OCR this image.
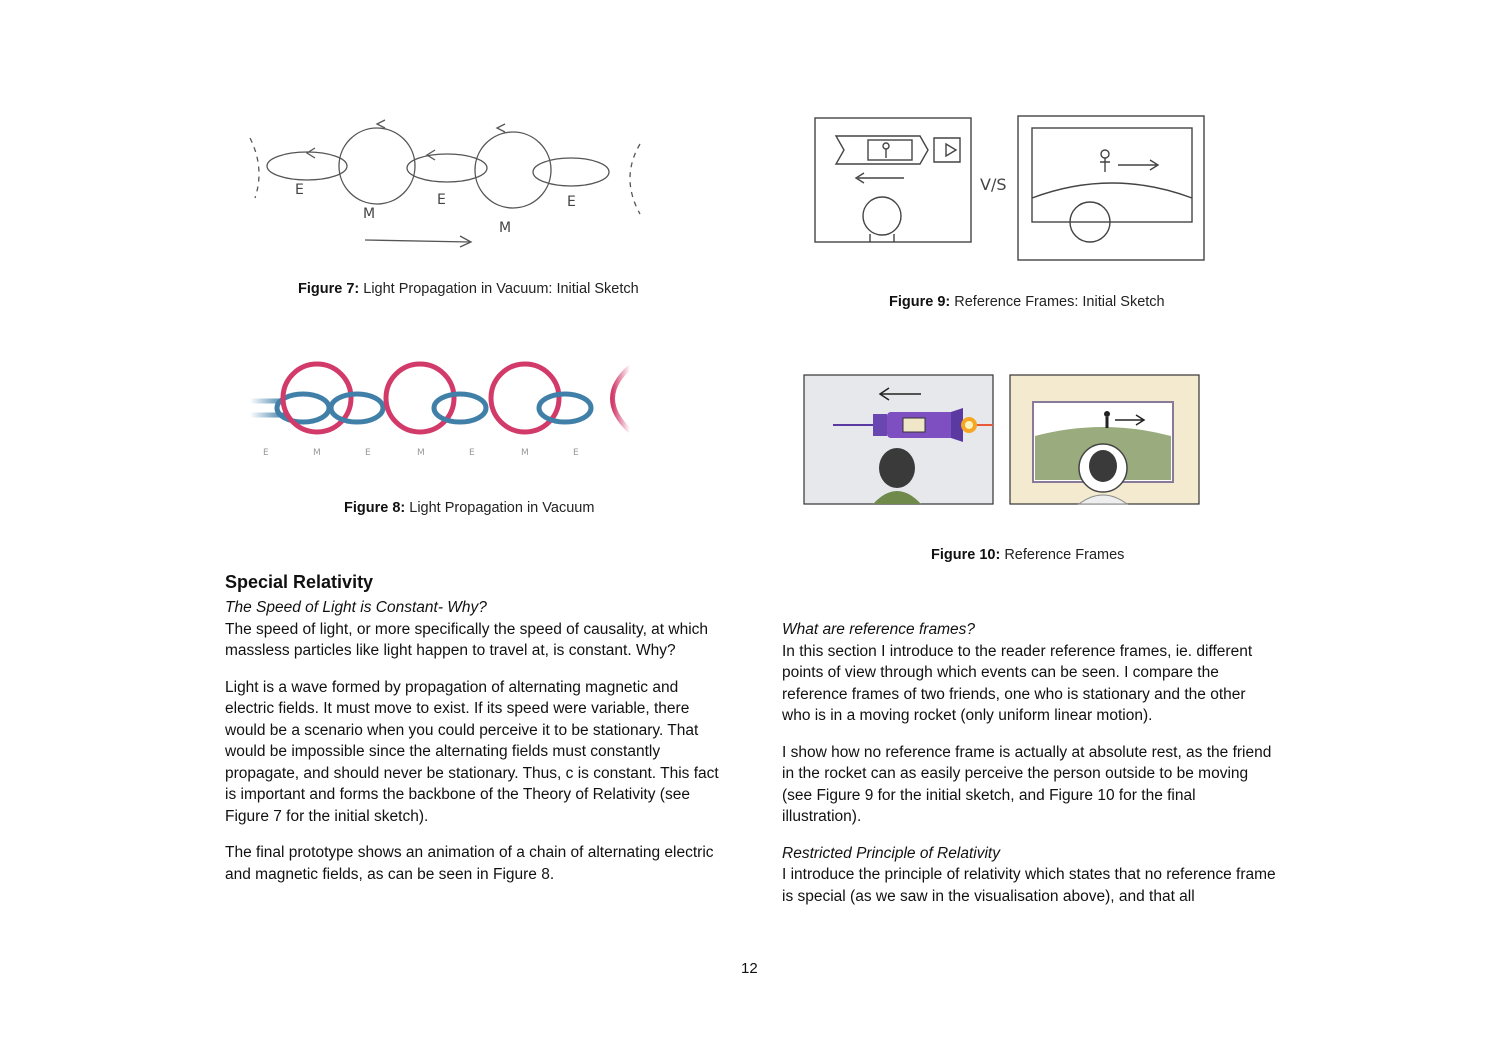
E
M
E
M
E
Figure 7: Light Propagation in Vacuum: Initial Sketch
E	M	E	M	E	M	E
Figure 8: Light Propagation in Vacuum
V/S
Figure 9: Reference Frames: Initial Sketch
Figure 10: Reference Frames
Special Relativity

The Speed of Light is Constant- Why?

The speed of light, or more specifically the speed of causality, at which massless particles like light happen to travel at, is constant. Why?

Light is a wave formed by propagation of alternating magnetic and electric fields. It must move to exist. If its speed were variable, there would be a scenario when you could perceive it to be stationary. That would be impossible since the alternating fields must constantly propagate, and should never be stationary. Thus, c is constant. This fact is important and forms the backbone of the Theory of Relativity (see Figure 7 for the initial sketch).

The final prototype shows an animation of a chain of alternating electric and magnetic fields, as can be seen in Figure 8.

What are reference frames?

In this section I introduce to the reader reference frames, ie. different points of view through which events can be seen. I compare the reference frames of two friends, one who is stationary and the other who is in a moving rocket (only uniform linear motion).

I show how no reference frame is actually at absolute rest, as the friend in the rocket can as easily perceive the person outside to be moving (see Figure 9 for the initial sketch, and Figure 10 for the final illustration).

Restricted Principle of Relativity

I introduce the principle of relativity which states that no reference frame is special (as we saw in the visualisation above), and that all

12
